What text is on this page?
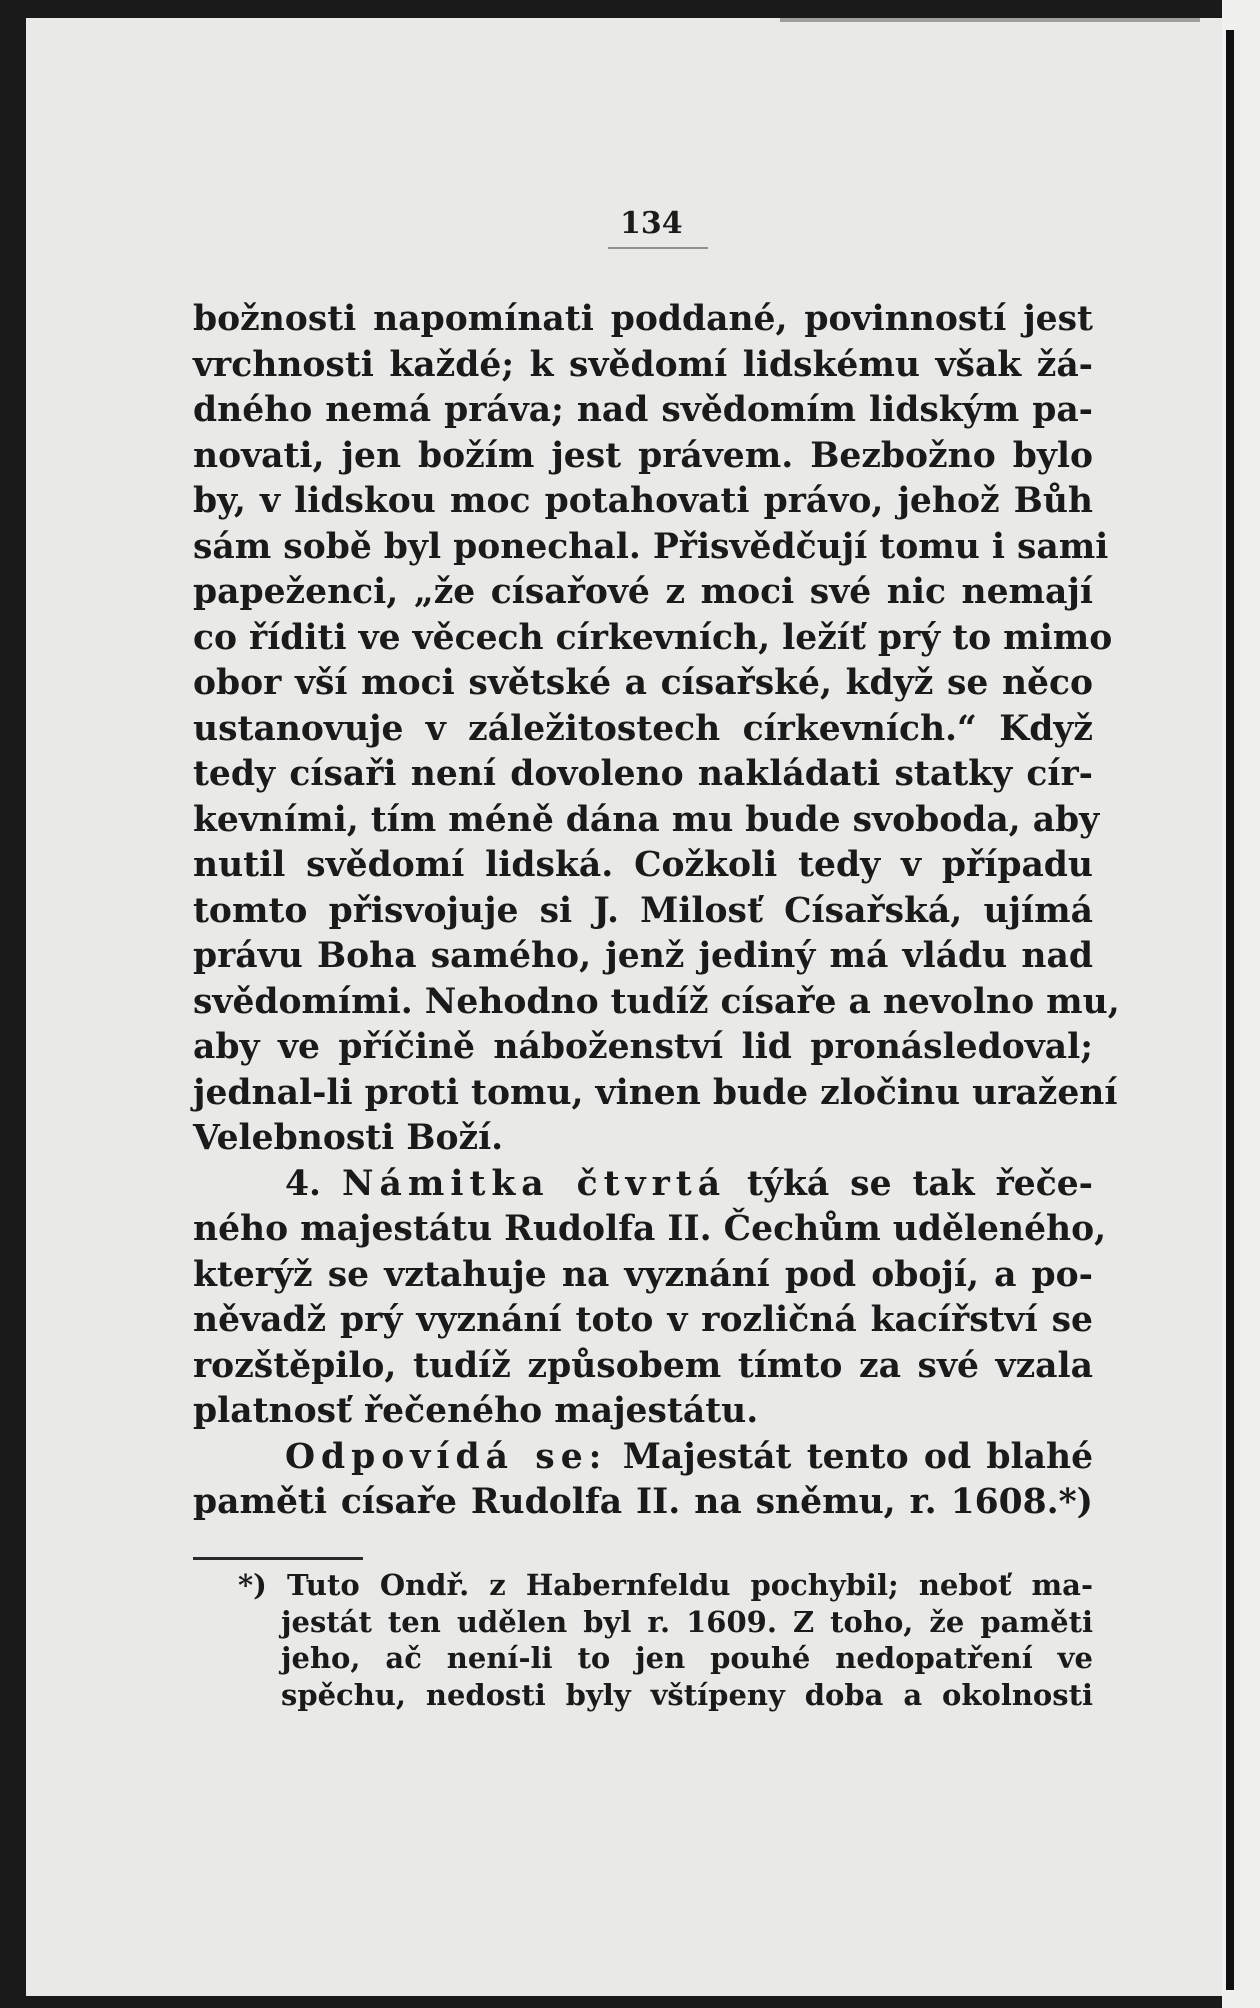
134
božnosti napomínati poddané, povinností jest
vrchnosti každé; k svědomí lidskému však žá-
dného nemá práva; nad svědomím lidským pa-
novati, jen božím jest právem. Bezbožno bylo
by, v lidskou moc potahovati právo, jehož Bůh
sám sobě byl ponechal. Přisvědčují tomu i sami
papeženci, „že císařové z moci své nic nemají
co říditi ve věcech církevních, ležíť prý to mimo
obor vší moci světské a císařské, když se něco
ustanovuje v záležitostech církevních.“ Když
tedy císaři není dovoleno nakládati statky cír-
kevními, tím méně dána mu bude svoboda, aby
nutil svědomí lidská. Cožkoli tedy v případu
tomto přisvojuje si J. Milosť Císařská, ujímá
právu Boha samého, jenž jediný má vládu nad
svědomími. Nehodno tudíž císaře a nevolno mu,
aby ve příčině náboženství lid pronásledoval;
jednal-li proti tomu, vinen bude zločinu uražení
Velebnosti Boží.
4. Námitka čtvrtá týká se tak řeče-
ného majestátu Rudolfa II. Čechům uděleného,
kterýž se vztahuje na vyznání pod obojí, a po-
něvadž prý vyznání toto v rozličná kacířství se
rozštěpilo, tudíž způsobem tímto za své vzala
platnosť řečeného majestátu.
Odpovídá se: Majestát tento od blahé
paměti císaře Rudolfa II. na sněmu, r. 1608.*)
*) Tuto Ondř. z Habernfeldu pochybil; neboť ma-
jestát ten udělen byl r. 1609. Z toho, že paměti
jeho, ač není-li to jen pouhé nedopatření ve
spěchu, nedosti byly vštípeny doba a okolnosti
